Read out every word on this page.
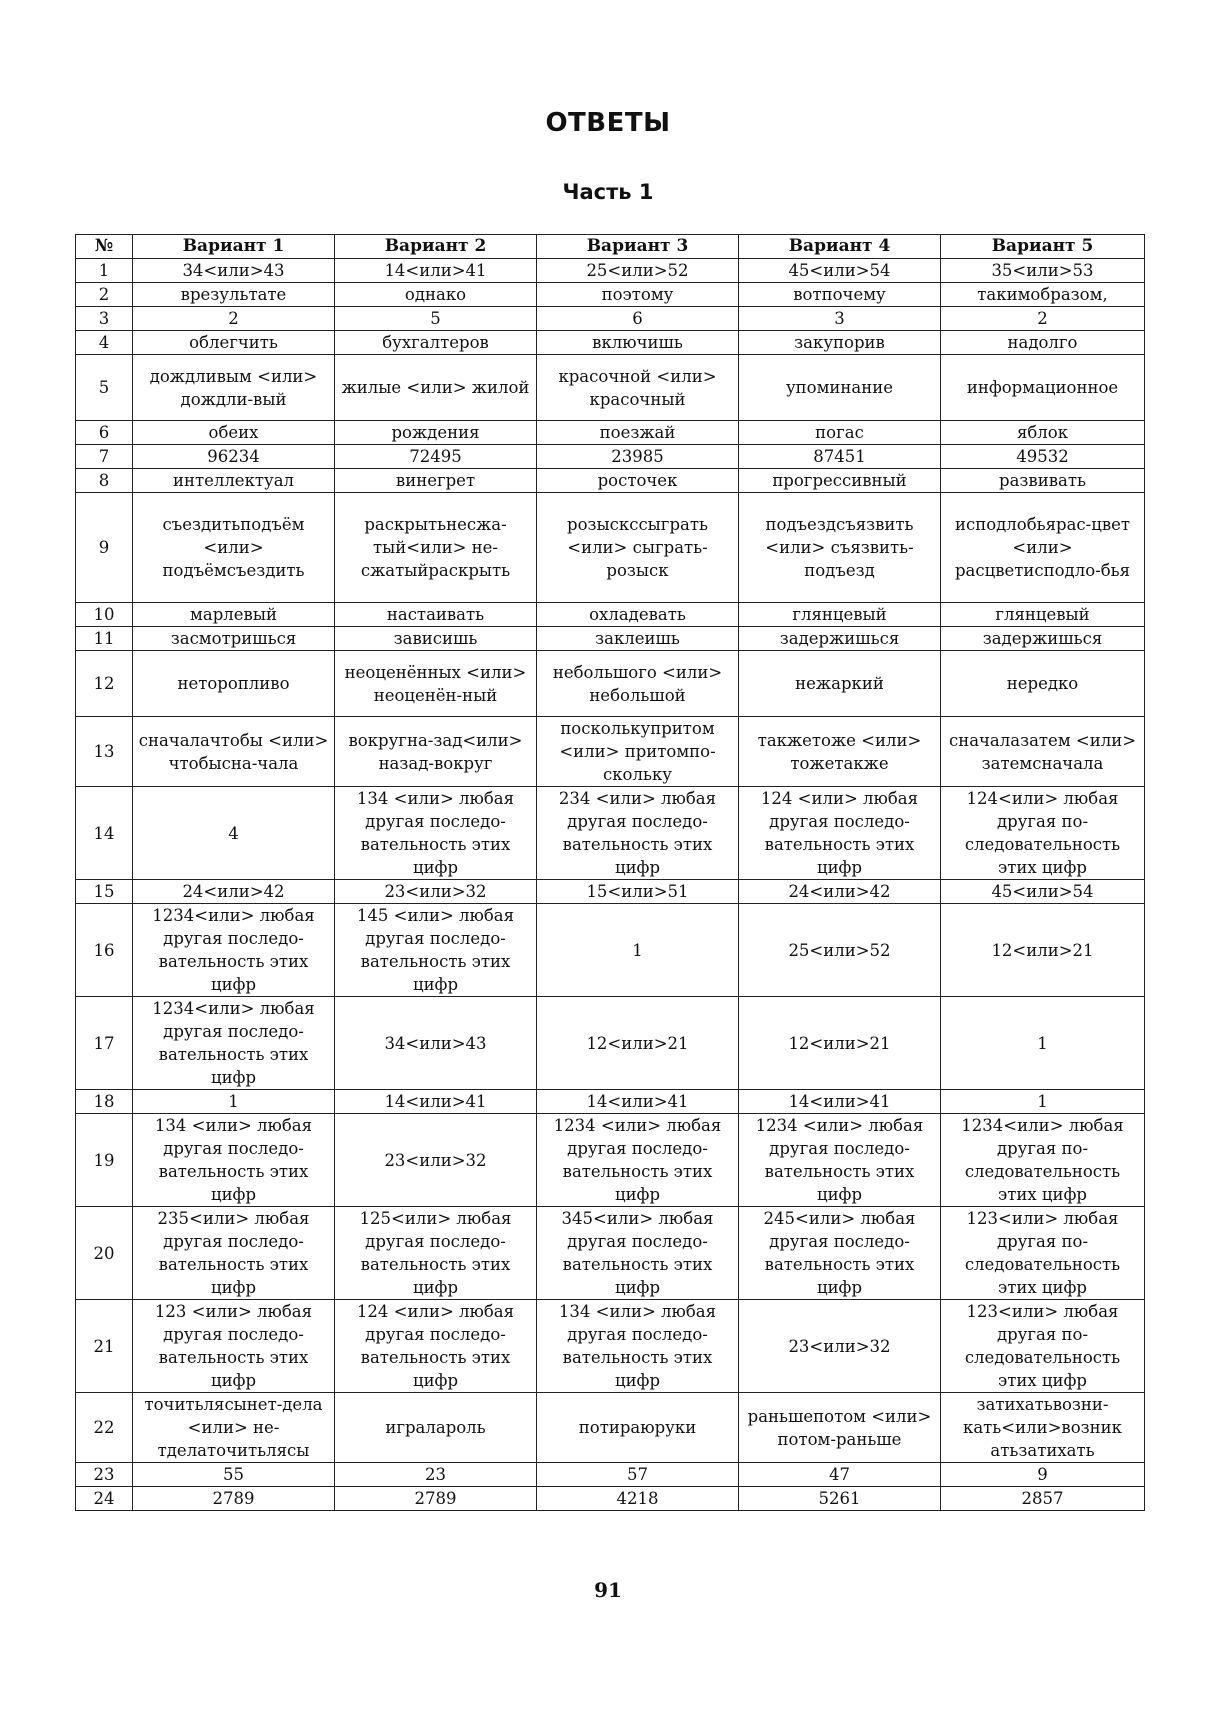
ОТВЕТЫ
Часть 1
№	Вариант 1	Вариант 2	Вариант 3	Вариант 4	Вариант 5
1	34<или>43	14<или>41	25<или>52	45<или>54	35<или>53
2	врезультате	однако	поэтому	вотпочему	такимобразом,
3	2	5	6	3	2
4	облегчить	бухгалтеров	включишь	закупорив	надолго
5	дождливым <или> дождли-вый	жилые <или> жилой	красочной <или> красочный	упоминание	информационное
6	обеих	рождения	поезжай	погас	яблок
7	96234	72495	23985	87451	49532
8	интеллектуал	винегрет	росточек	прогрессивный	развивать
9	съездитьподъём <или> подъёмсъездить	раскрытьнесжа-тый<или> не-сжатыйраскрыть	розыскcсыграть <или> сыграть-розыск	подъездсъязвить <или> съязвить-подъезд	исподлобьярас-цвет <или> расцветисподло-бья
10	марлевый	настаивать	охладевать	глянцевый	глянцевый
11	засмотришься	зависишь	заклеишь	задержишься	задержишься
12	неторопливо	неоценённых <или> неоценён-ный	небольшого <или> небольшой	нежаркий	нередко
13	сначалачтобы <или> чтобысна-чала	вокругна-зад<или> назад-вокруг	посколькупритом <или> притомпо-скольку	такжетоже <или> тожетакже	сначалазатем <или> затемсначала
14	4	134 <или> любая другая последо-вательность этих цифр	234 <или> любая другая последо-вательность этих цифр	124 <или> любая другая последо-вательность этих цифр	124<или> любая другая по-следовательность этих цифр
15	24<или>42	23<или>32	15<или>51	24<или>42	45<или>54
16	1234<или> любая другая последо-вательность этих цифр	145 <или> любая другая последо-вательность этих цифр	1	25<или>52	12<или>21
17	1234<или> любая другая последо-вательность этих цифр	34<или>43	12<или>21	12<или>21	1
18	1	14<или>41	14<или>41	14<или>41	1
19	134 <или> любая другая последо-вательность этих цифр	23<или>32	1234 <или> любая другая последо-вательность этих цифр	1234 <или> любая другая последо-вательность этих цифр	1234<или> любая другая по-следовательность этих цифр
20	235<или> любая другая последо-вательность этих цифр	125<или> любая другая последо-вательность этих цифр	345<или> любая другая последо-вательность этих цифр	245<или> любая другая последо-вательность этих цифр	123<или> любая другая по-следовательность этих цифр
21	123 <или> любая другая последо-вательность этих цифр	124 <или> любая другая последо-вательность этих цифр	134 <или> любая другая последо-вательность этих цифр	23<или>32	123<или> любая другая по-следовательность этих цифр
22	точитьлясынет-дела <или> не-тделаточитьлясы	игралароль	потираюруки	раньшепотом <или> потом-раньше	затихатьвозни-кать<или>возник атьзатихать
23	55	23	57	47	9
24	2789	2789	4218	5261	2857
91
